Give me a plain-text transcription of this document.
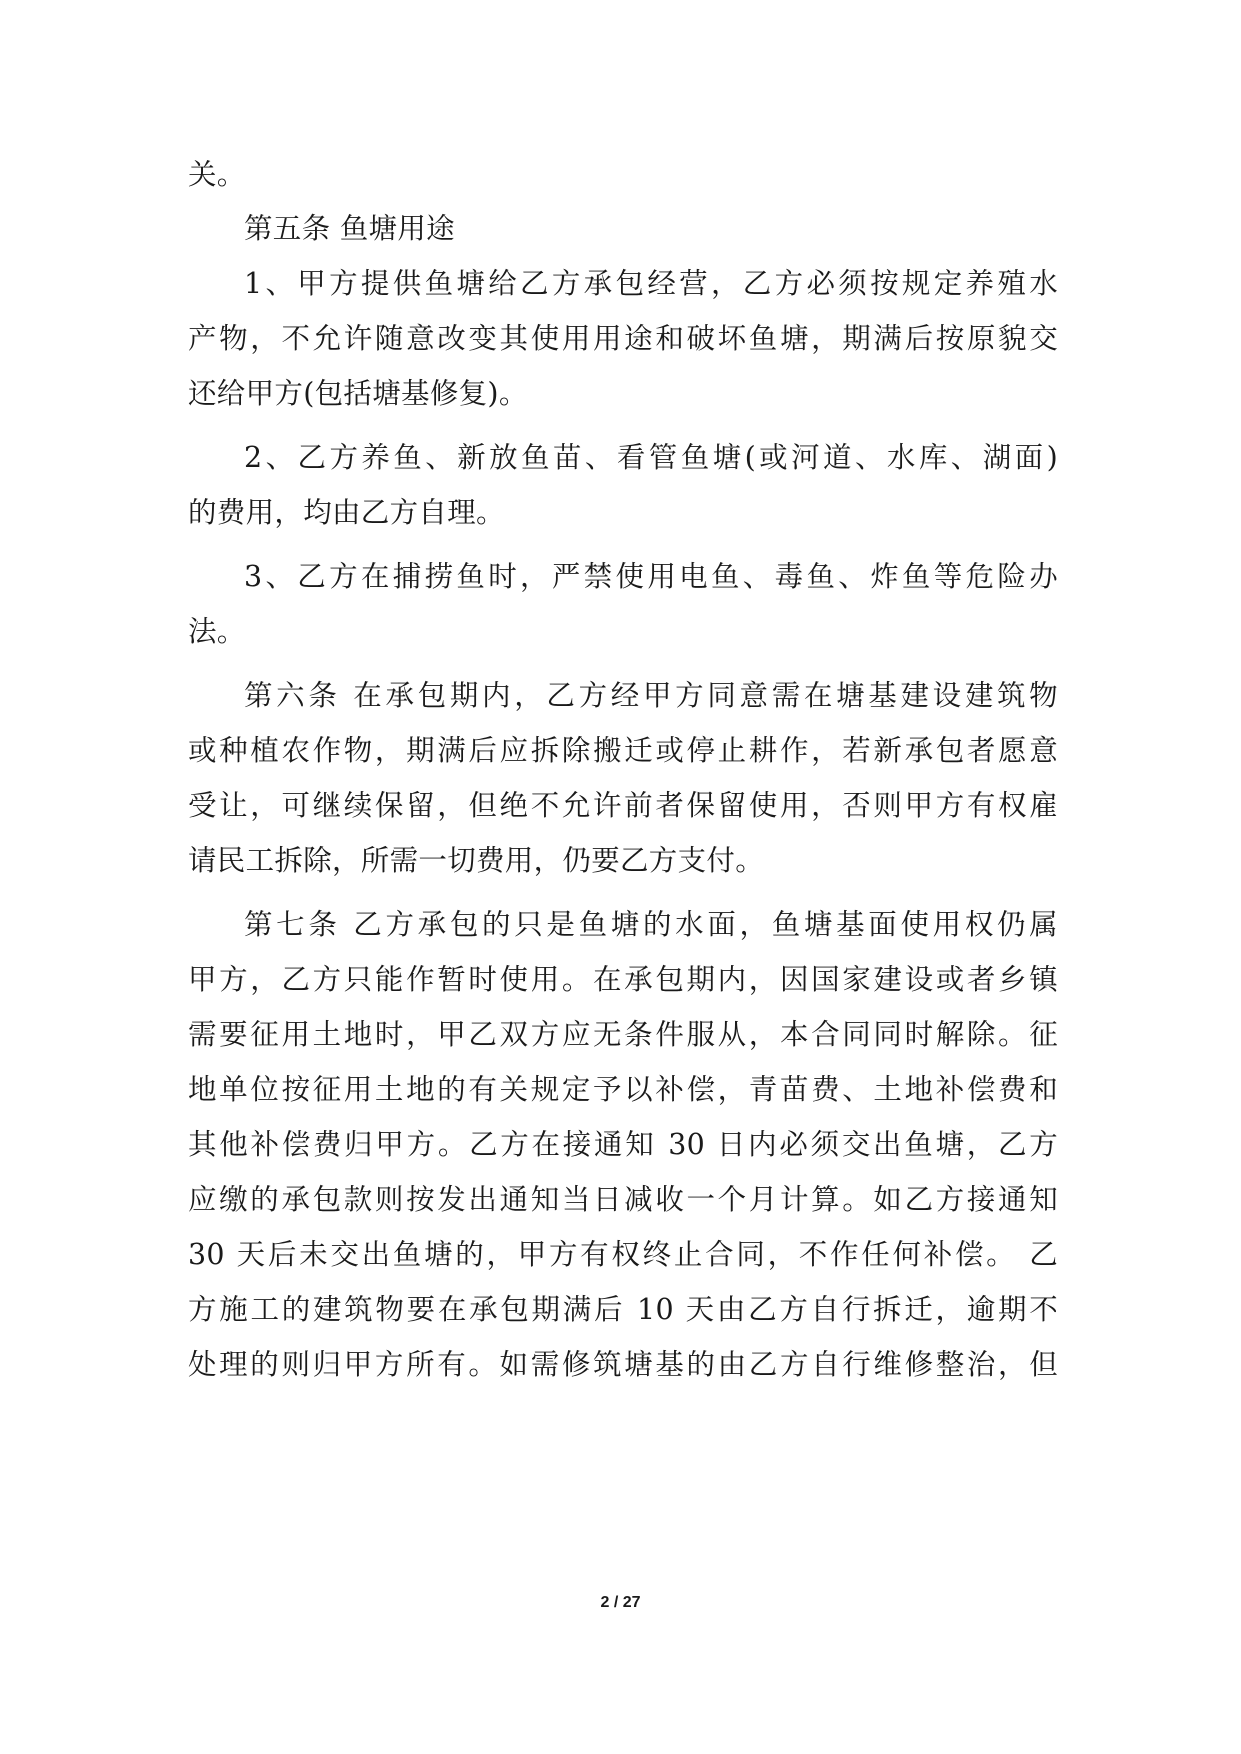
关。
第五条 鱼塘用途
1、甲方提供鱼塘给乙方承包经营，乙方必须按规定养殖水
产物，不允许随意改变其使用用途和破坏鱼塘，期满后按原貌交
还给甲方(包括塘基修复)。
2、乙方养鱼、新放鱼苗、看管鱼塘(或河道、水库、湖面)
的费用，均由乙方自理。
3、乙方在捕捞鱼时，严禁使用电鱼、毒鱼、炸鱼等危险办
法。
第六条 在承包期内，乙方经甲方同意需在塘基建设建筑物
或种植农作物，期满后应拆除搬迁或停止耕作，若新承包者愿意
受让，可继续保留，但绝不允许前者保留使用，否则甲方有权雇
请民工拆除，所需一切费用，仍要乙方支付。
第七条 乙方承包的只是鱼塘的水面，鱼塘基面使用权仍属
甲方，乙方只能作暂时使用。在承包期内，因国家建设或者乡镇
需要征用土地时，甲乙双方应无条件服从，本合同同时解除。征
地单位按征用土地的有关规定予以补偿，青苗费、土地补偿费和
其他补偿费归甲方。乙方在接通知 30 日内必须交出鱼塘，乙方
应缴的承包款则按发出通知当日减收一个月计算。如乙方接通知
30 天后未交出鱼塘的，甲方有权终止合同，不作任何补偿。 乙
方施工的建筑物要在承包期满后 10 天由乙方自行拆迁，逾期不
处理的则归甲方所有。如需修筑塘基的由乙方自行维修整治，但
2 / 27
